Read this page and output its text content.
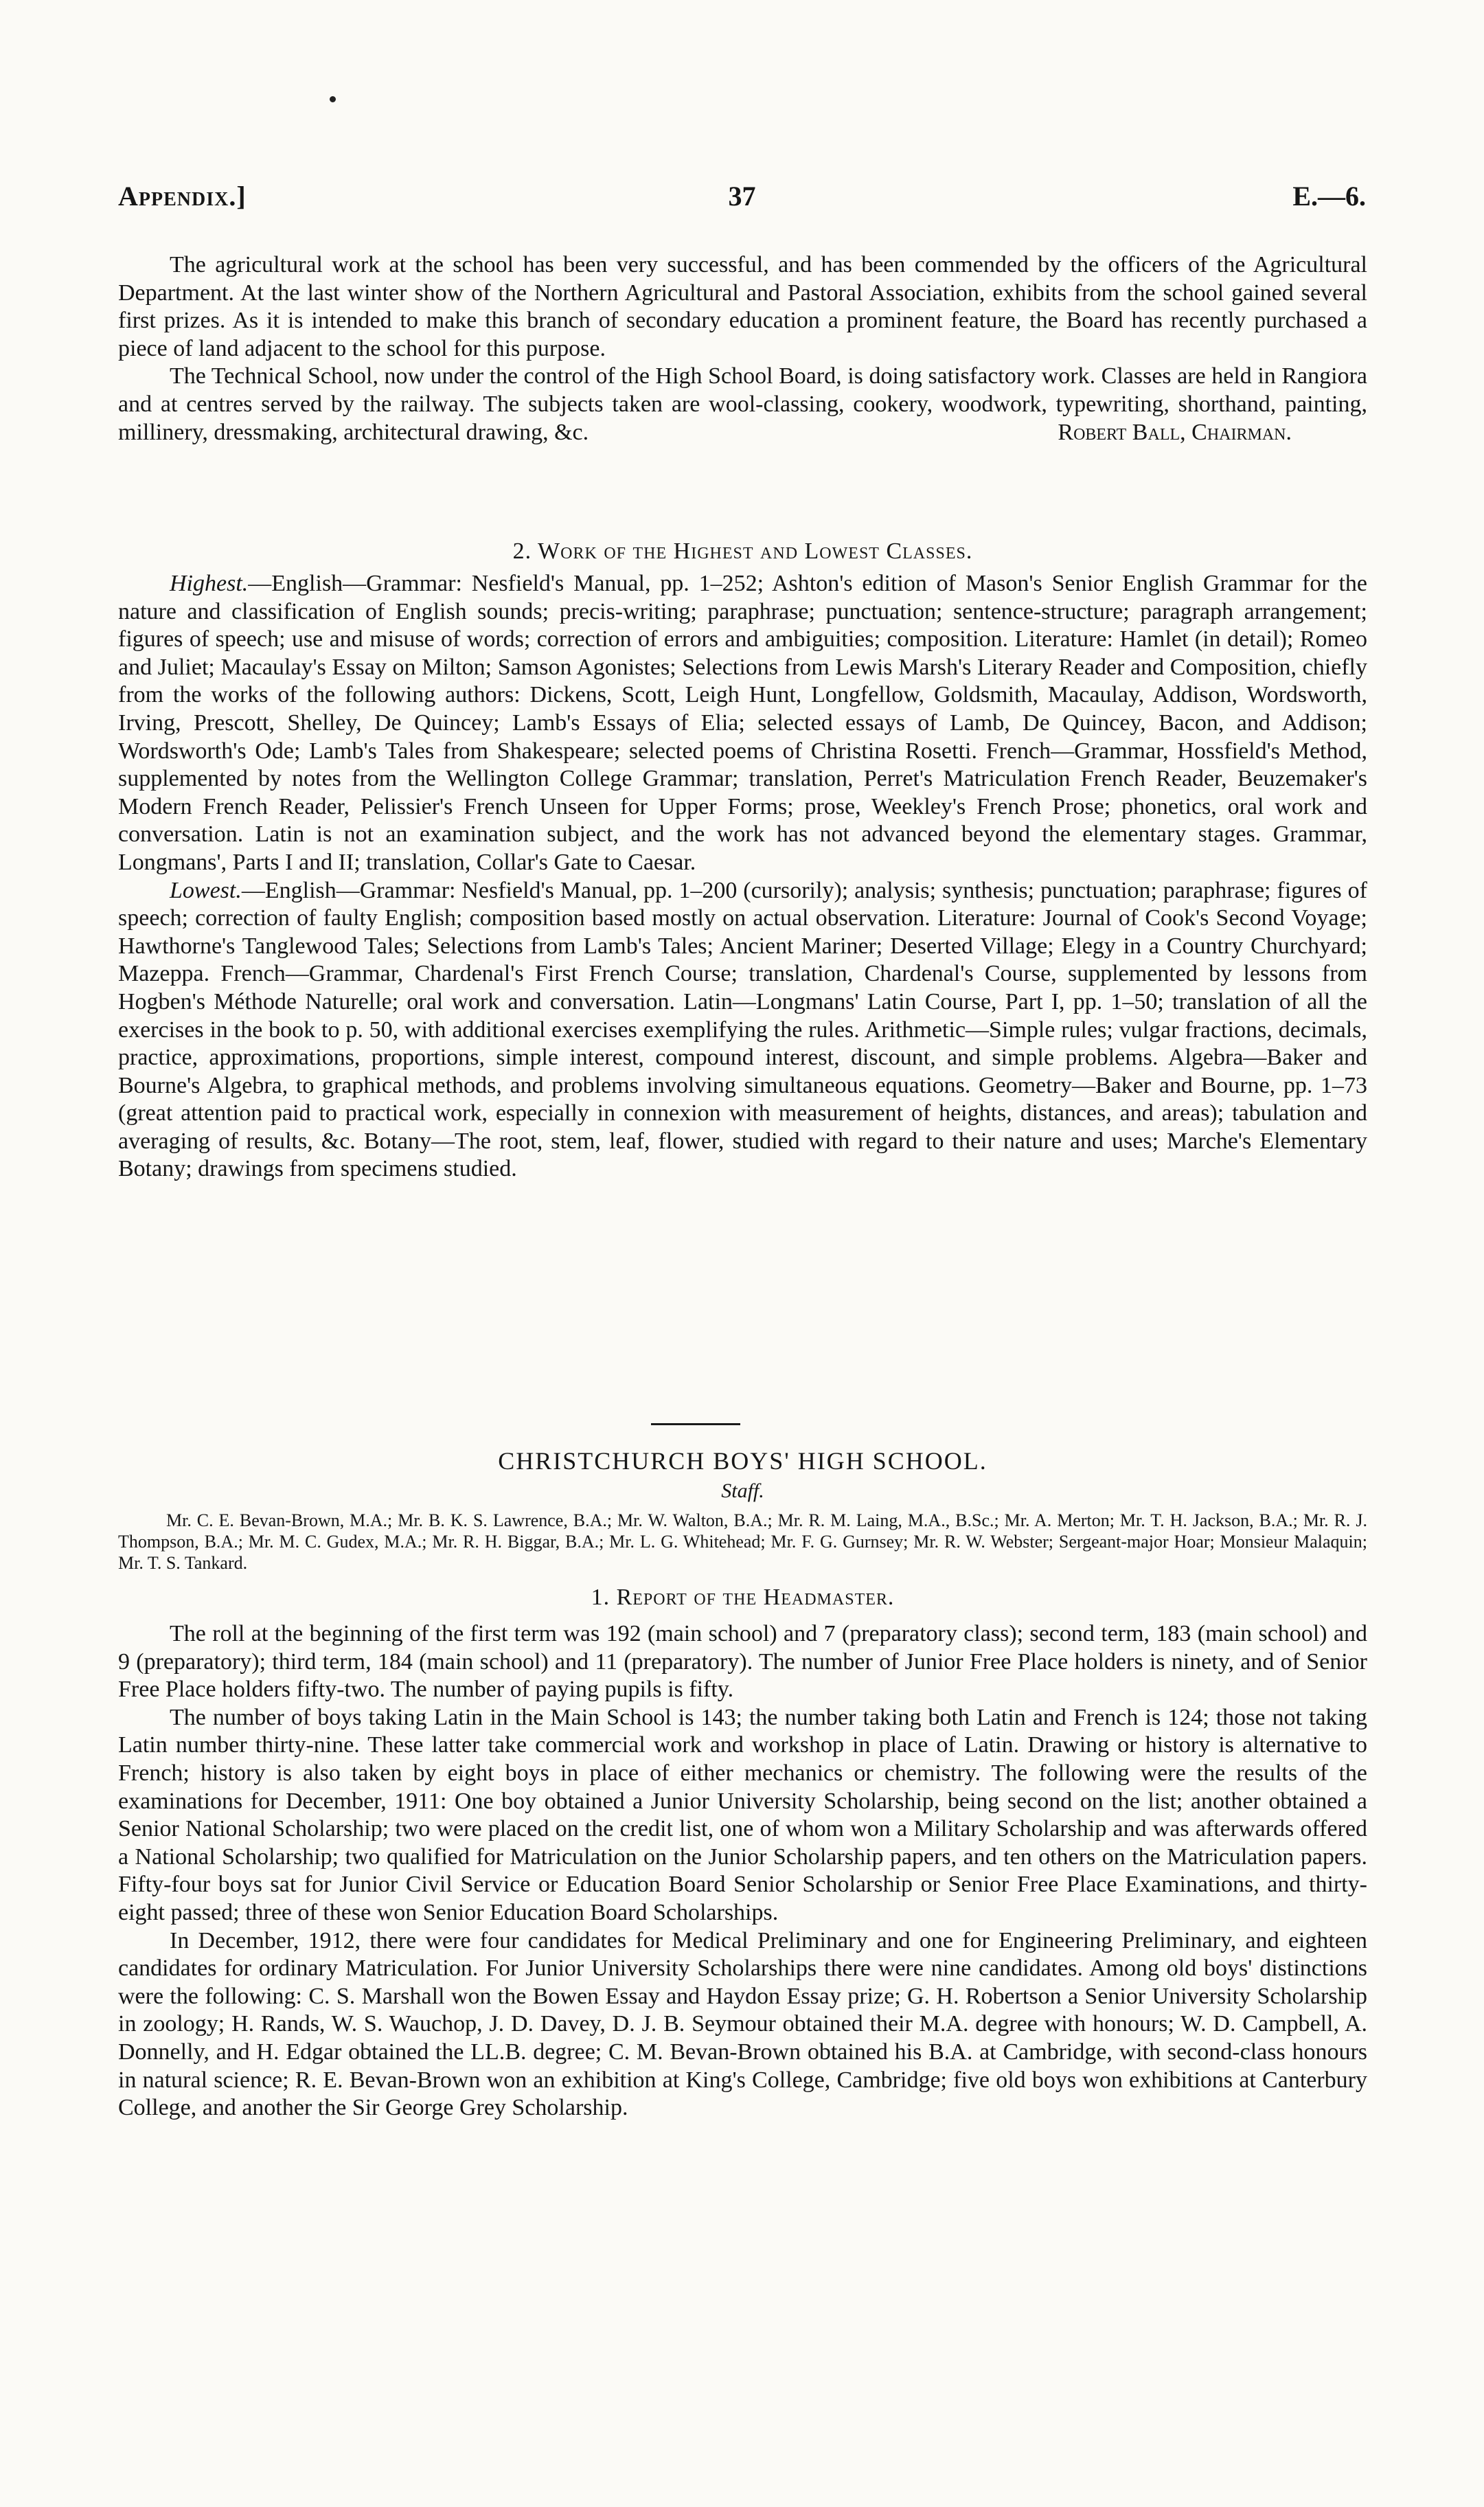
Appendix.]	37	E.—6.

The agricultural work at the school has been very successful, and has been commended by the officers of the Agricultural Department. At the last winter show of the Northern Agricultural and Pastoral Association, exhibits from the school gained several first prizes. As it is intended to make this branch of secondary education a prominent feature, the Board has recently purchased a piece of land adjacent to the school for this purpose.

The Technical School, now under the control of the High School Board, is doing satisfactory work. Classes are held in Rangiora and at centres served by the railway. The subjects taken are wool-classing, cookery, woodwork, typewriting, shorthand, painting, millinery, dressmaking, architectural drawing, &c.	Robert Ball, Chairman.
2. Work of the Highest and Lowest Classes.

Highest.—English—Grammar: Nesfield's Manual, pp. 1–252; Ashton's edition of Mason's Senior English Grammar for the nature and classification of English sounds; precis-writing; paraphrase; punctuation; sentence-structure; paragraph arrangement; figures of speech; use and misuse of words; correction of errors and ambiguities; composition. Literature: Hamlet (in detail); Romeo and Juliet; Macaulay's Essay on Milton; Samson Agonistes; Selections from Lewis Marsh's Literary Reader and Composition, chiefly from the works of the following authors: Dickens, Scott, Leigh Hunt, Longfellow, Goldsmith, Macaulay, Addison, Wordsworth, Irving, Prescott, Shelley, De Quincey; Lamb's Essays of Elia; selected essays of Lamb, De Quincey, Bacon, and Addison; Wordsworth's Ode; Lamb's Tales from Shakespeare; selected poems of Christina Rosetti. French—Grammar, Hossfield's Method, supplemented by notes from the Wellington College Grammar; translation, Perret's Matriculation French Reader, Beuzemaker's Modern French Reader, Pelissier's French Unseen for Upper Forms; prose, Weekley's French Prose; phonetics, oral work and conversation. Latin is not an examination subject, and the work has not advanced beyond the elementary stages. Grammar, Longmans', Parts I and II; translation, Collar's Gate to Caesar.

Lowest.—English—Grammar: Nesfield's Manual, pp. 1–200 (cursorily); analysis; synthesis; punctuation; paraphrase; figures of speech; correction of faulty English; composition based mostly on actual observation. Literature: Journal of Cook's Second Voyage; Hawthorne's Tanglewood Tales; Selections from Lamb's Tales; Ancient Mariner; Deserted Village; Elegy in a Country Churchyard; Mazeppa. French—Grammar, Chardenal's First French Course; translation, Chardenal's Course, supplemented by lessons from Hogben's Méthode Naturelle; oral work and conversation. Latin—Longmans' Latin Course, Part I, pp. 1–50; translation of all the exercises in the book to p. 50, with additional exercises exemplifying the rules. Arithmetic—Simple rules; vulgar fractions, decimals, practice, approximations, proportions, simple interest, compound interest, discount, and simple problems. Algebra—Baker and Bourne's Algebra, to graphical methods, and problems involving simultaneous equations. Geometry—Baker and Bourne, pp. 1–73 (great attention paid to practical work, especially in connexion with measurement of heights, distances, and areas); tabulation and averaging of results, &c. Botany—The root, stem, leaf, flower, studied with regard to their nature and uses; Marche's Elementary Botany; drawings from specimens studied.

CHRISTCHURCH BOYS' HIGH SCHOOL.
Staff.

Mr. C. E. Bevan-Brown, M.A.; Mr. B. K. S. Lawrence, B.A.; Mr. W. Walton, B.A.; Mr. R. M. Laing, M.A., B.Sc.; Mr. A. Merton; Mr. T. H. Jackson, B.A.; Mr. R. J. Thompson, B.A.; Mr. M. C. Gudex, M.A.; Mr. R. H. Biggar, B.A.; Mr. L. G. Whitehead; Mr. F. G. Gurnsey; Mr. R. W. Webster; Sergeant-major Hoar; Monsieur Malaquin; Mr. T. S. Tankard.

1. Report of the Headmaster.

The roll at the beginning of the first term was 192 (main school) and 7 (preparatory class); second term, 183 (main school) and 9 (preparatory); third term, 184 (main school) and 11 (preparatory). The number of Junior Free Place holders is ninety, and of Senior Free Place holders fifty-two. The number of paying pupils is fifty.

The number of boys taking Latin in the Main School is 143; the number taking both Latin and French is 124; those not taking Latin number thirty-nine. These latter take commercial work and workshop in place of Latin. Drawing or history is alternative to French; history is also taken by eight boys in place of either mechanics or chemistry. The following were the results of the examinations for December, 1911: One boy obtained a Junior University Scholarship, being second on the list; another obtained a Senior National Scholarship; two were placed on the credit list, one of whom won a Military Scholarship and was afterwards offered a National Scholarship; two qualified for Matriculation on the Junior Scholarship papers, and ten others on the Matriculation papers. Fifty-four boys sat for Junior Civil Service or Education Board Senior Scholarship or Senior Free Place Examinations, and thirty-eight passed; three of these won Senior Education Board Scholarships.

In December, 1912, there were four candidates for Medical Preliminary and one for Engineering Preliminary, and eighteen candidates for ordinary Matriculation. For Junior University Scholarships there were nine candidates. Among old boys' distinctions were the following: C. S. Marshall won the Bowen Essay and Haydon Essay prize; G. H. Robertson a Senior University Scholarship in zoology; H. Rands, W. S. Wauchop, J. D. Davey, D. J. B. Seymour obtained their M.A. degree with honours; W. D. Campbell, A. Donnelly, and H. Edgar obtained the LL.B. degree; C. M. Bevan-Brown obtained his B.A. at Cambridge, with second-class honours in natural science; R. E. Bevan-Brown won an exhibition at King's College, Cambridge; five old boys won exhibitions at Canterbury College, and another the Sir George Grey Scholarship.
